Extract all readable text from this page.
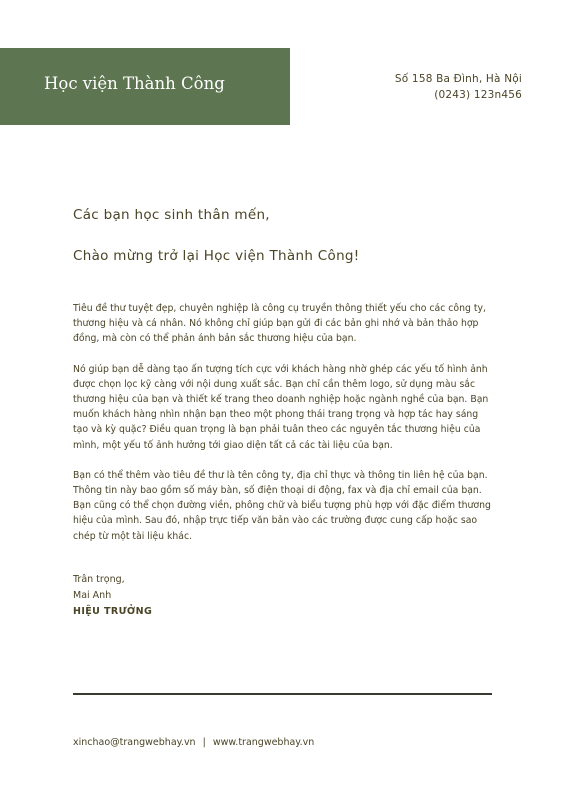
Học viện Thành Công	Số 158 Ba Đình, Hà Nội
(0243) 123n456
Các bạn học sinh thân mến,
Chào mừng trở lại Học viện Thành Công!

Tiêu đề thư tuyệt đẹp, chuyên nghiệp là công cụ truyền thông thiết yếu cho các công ty, thương hiệu và cá nhân. Nó không chỉ giúp bạn gửi đi các bản ghi nhớ và bản thảo hợp đồng, mà còn có thể phản ánh bản sắc thương hiệu của bạn.

Nó giúp bạn dễ dàng tạo ấn tượng tích cực với khách hàng nhờ ghép các yếu tố hình ảnh được chọn lọc kỹ càng với nội dung xuất sắc. Bạn chỉ cần thêm logo, sử dụng màu sắc thương hiệu của bạn và thiết kế trang theo doanh nghiệp hoặc ngành nghề của bạn. Bạn muốn khách hàng nhìn nhận bạn theo một phong thái trang trọng và hợp tác hay sáng tạo và kỳ quặc? Điều quan trọng là bạn phải tuân theo các nguyên tắc thương hiệu của mình, một yếu tố ảnh hưởng tới giao diện tất cả các tài liệu của bạn.

Bạn có thể thêm vào tiêu đề thư là tên công ty, địa chỉ thực và thông tin liên hệ của bạn. Thông tin này bao gồm số máy bàn, số điện thoại di động, fax và địa chỉ email của bạn. Bạn cũng có thể chọn đường viền, phông chữ và biểu tượng phù hợp với đặc điểm thương hiệu của mình. Sau đó, nhập trực tiếp văn bản vào các trường được cung cấp hoặc sao chép từ một tài liệu khác.

Trân trọng,
Mai Anh
HIỆU TRƯỞNG
xinchao@trangwebhay.vn | www.trangwebhay.vn
